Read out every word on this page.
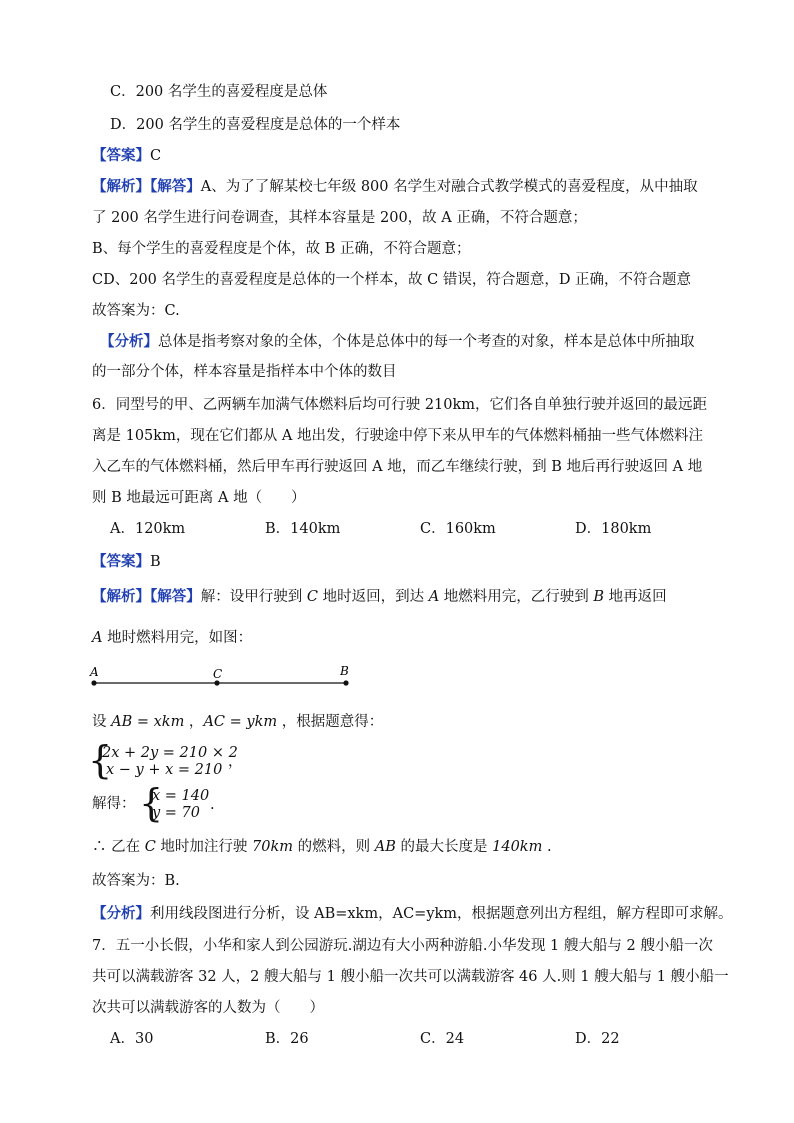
C．200 名学生的喜爱程度是总体
D．200 名学生的喜爱程度是总体的一个样本
【答案】C
【解析】【解答】A、为了了解某校七年级 800 名学生对融合式教学模式的喜爱程度，从中抽取
了 200 名学生进行问卷调查，其样本容量是 200，故 A 正确，不符合题意；
B、每个学生的喜爱程度是个体，故 B 正确，不符合题意；
CD、200 名学生的喜爱程度是总体的一个样本，故 C 错误，符合题意，D 正确，不符合题意
故答案为：C.
【分析】总体是指考察对象的全体，个体是总体中的每一个考查的对象，样本是总体中所抽取
的一部分个体，样本容量是指样本中个体的数目
6．同型号的甲、乙两辆车加满气体燃料后均可行驶 210km，它们各自单独行驶并返回的最远距
离是 105km，现在它们都从 A 地出发，行驶途中停下来从甲车的气体燃料桶抽一些气体燃料注
入乙车的气体燃料桶，然后甲车再行驶返回 A 地，而乙车继续行驶，到 B 地后再行驶返回 A 地
则 B 地最远可距离 A 地（　　）
A．120km	B．140km	C．160km	D．180km
【答案】B
【解析】【解答】解：设甲行驶到 C 地时返回，到达 A 地燃料用完，乙行驶到 B 地再返回
A 地时燃料用完，如图：
A	C	B
设 AB = xkm ，AC = ykm ，根据题意得：
{
2x + 2y = 210 × 2
x − y + x = 210 ，
解得： {
x = 140
y = 70 .
∴ 乙在 C 地时加注行驶 70km 的燃料，则 AB 的最大长度是 140km .
故答案为：B.
【分析】利用线段图进行分析，设 AB=xkm，AC=ykm，根据题意列出方程组，解方程即可求解。
7．五一小长假，小华和家人到公园游玩.湖边有大小两种游船.小华发现 1 艘大船与 2 艘小船一次
共可以满载游客 32 人，2 艘大船与 1 艘小船一次共可以满载游客 46 人.则 1 艘大船与 1 艘小船一
次共可以满载游客的人数为（　　）
A．30	B．26	C．24	D．22
